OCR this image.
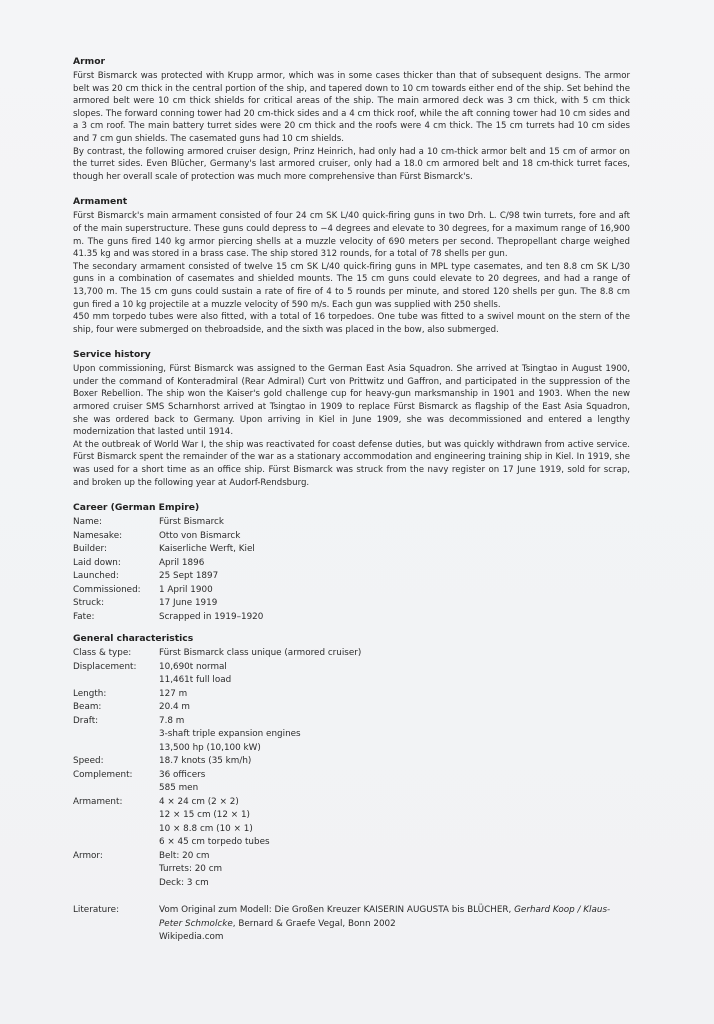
Armor

Fürst Bismarck was protected with Krupp armor, which was in some cases thicker than that of subsequent designs. The armor belt was 20 cm thick in the central portion of the ship, and tapered down to 10 cm towards either end of the ship. Set behind the armored belt were 10 cm thick shields for critical areas of the ship. The main armored deck was 3 cm thick, with 5 cm thick slopes. The forward conning tower had 20 cm-thick sides and a 4 cm thick roof, while the aft conning tower had 10 cm sides and a 3 cm roof. The main battery turret sides were 20 cm thick and the roofs were 4 cm thick. The 15 cm turrets had 10 cm sides and 7 cm gun shields. The casemated guns had 10 cm shields.

By contrast, the following armored cruiser design, Prinz Heinrich, had only had a 10 cm-thick armor belt and 15 cm of armor on the turret sides. Even Blücher, Germany's last armored cruiser, only had a 18.0 cm armored belt and 18 cm-thick turret faces, though her overall scale of protection was much more comprehensive than Fürst Bismarck's.

Armament

Fürst Bismarck's main armament consisted of four 24 cm SK L/40 quick-firing guns in two Drh. L. C/98 twin turrets, fore and aft of the main superstructure. These guns could depress to −4 degrees and elevate to 30 degrees, for a maximum range of 16,900 m. The guns fired 140 kg armor piercing shells at a muzzle velocity of 690 meters per second. Thepropellant charge weighed 41.35 kg and was stored in a brass case. The ship stored 312 rounds, for a total of 78 shells per gun.

The secondary armament consisted of twelve 15 cm SK L/40 quick-firing guns in MPL type casemates, and ten 8.8 cm SK L/30 guns in a combination of casemates and shielded mounts. The 15 cm guns could elevate to 20 degrees, and had a range of 13,700 m. The 15 cm guns could sustain a rate of fire of 4 to 5 rounds per minute, and stored 120 shells per gun. The 8.8 cm gun fired a 10 kg projectile at a muzzle velocity of 590 m/s. Each gun was supplied with 250 shells.

450 mm torpedo tubes were also fitted, with a total of 16 torpedoes. One tube was fitted to a swivel mount on the stern of the ship, four were submerged on thebroadside, and the sixth was placed in the bow, also submerged.

Service history

Upon commissioning, Fürst Bismarck was assigned to the German East Asia Squadron. She arrived at Tsingtao in August 1900, under the command of Konteradmiral (Rear Admiral) Curt von Prittwitz und Gaffron, and participated in the suppression of the Boxer Rebellion. The ship won the Kaiser's gold challenge cup for heavy-gun marksmanship in 1901 and 1903. When the new armored cruiser SMS Scharnhorst arrived at Tsingtao in 1909 to replace Fürst Bismarck as flagship of the East Asia Squadron, she was ordered back to Germany. Upon arriving in Kiel in June 1909, she was decommissioned and entered a lengthy modernization that lasted until 1914.

At the outbreak of World War I, the ship was reactivated for coast defense duties, but was quickly withdrawn from active service. Fürst Bismarck spent the remainder of the war as a stationary accommodation and engineering training ship in Kiel. In 1919, she was used for a short time as an office ship. Fürst Bismarck was struck from the navy register on 17 June 1919, sold for scrap, and broken up the following year at Audorf-Rendsburg.

Career (German Empire)
Name:	Fürst Bismarck
Namesake:	Otto von Bismarck
Builder:	Kaiserliche Werft, Kiel
Laid down:	April 1896
Launched:	25 Sept 1897
Commissioned:	1 April 1900
Struck:	17 June 1919
Fate:	Scrapped in 1919–1920
General characteristics
Class & type:	Fürst Bismarck class unique (armored cruiser)
Displacement:	10,690t normal
11,461t full load
Length:	127 m
Beam:	20.4 m
Draft:	7.8 m
3-shaft triple expansion engines
13,500 hp (10,100 kW)
Speed:	18.7 knots (35 km/h)
Complement:	36 officers
585 men
Armament:	4 × 24 cm (2 × 2)
12 × 15 cm (12 × 1)
10 × 8.8 cm (10 × 1)
6 × 45 cm torpedo tubes
Armor:	Belt: 20 cm
Turrets: 20 cm
Deck: 3 cm
Literature:	Vom Original zum Modell: Die Großen Kreuzer KAISERIN AUGUSTA bis BLÜCHER, Gerhard Koop / Klaus- Peter Schmolcke, Bernard & Graefe Vegal, Bonn 2002
Wikipedia.com
